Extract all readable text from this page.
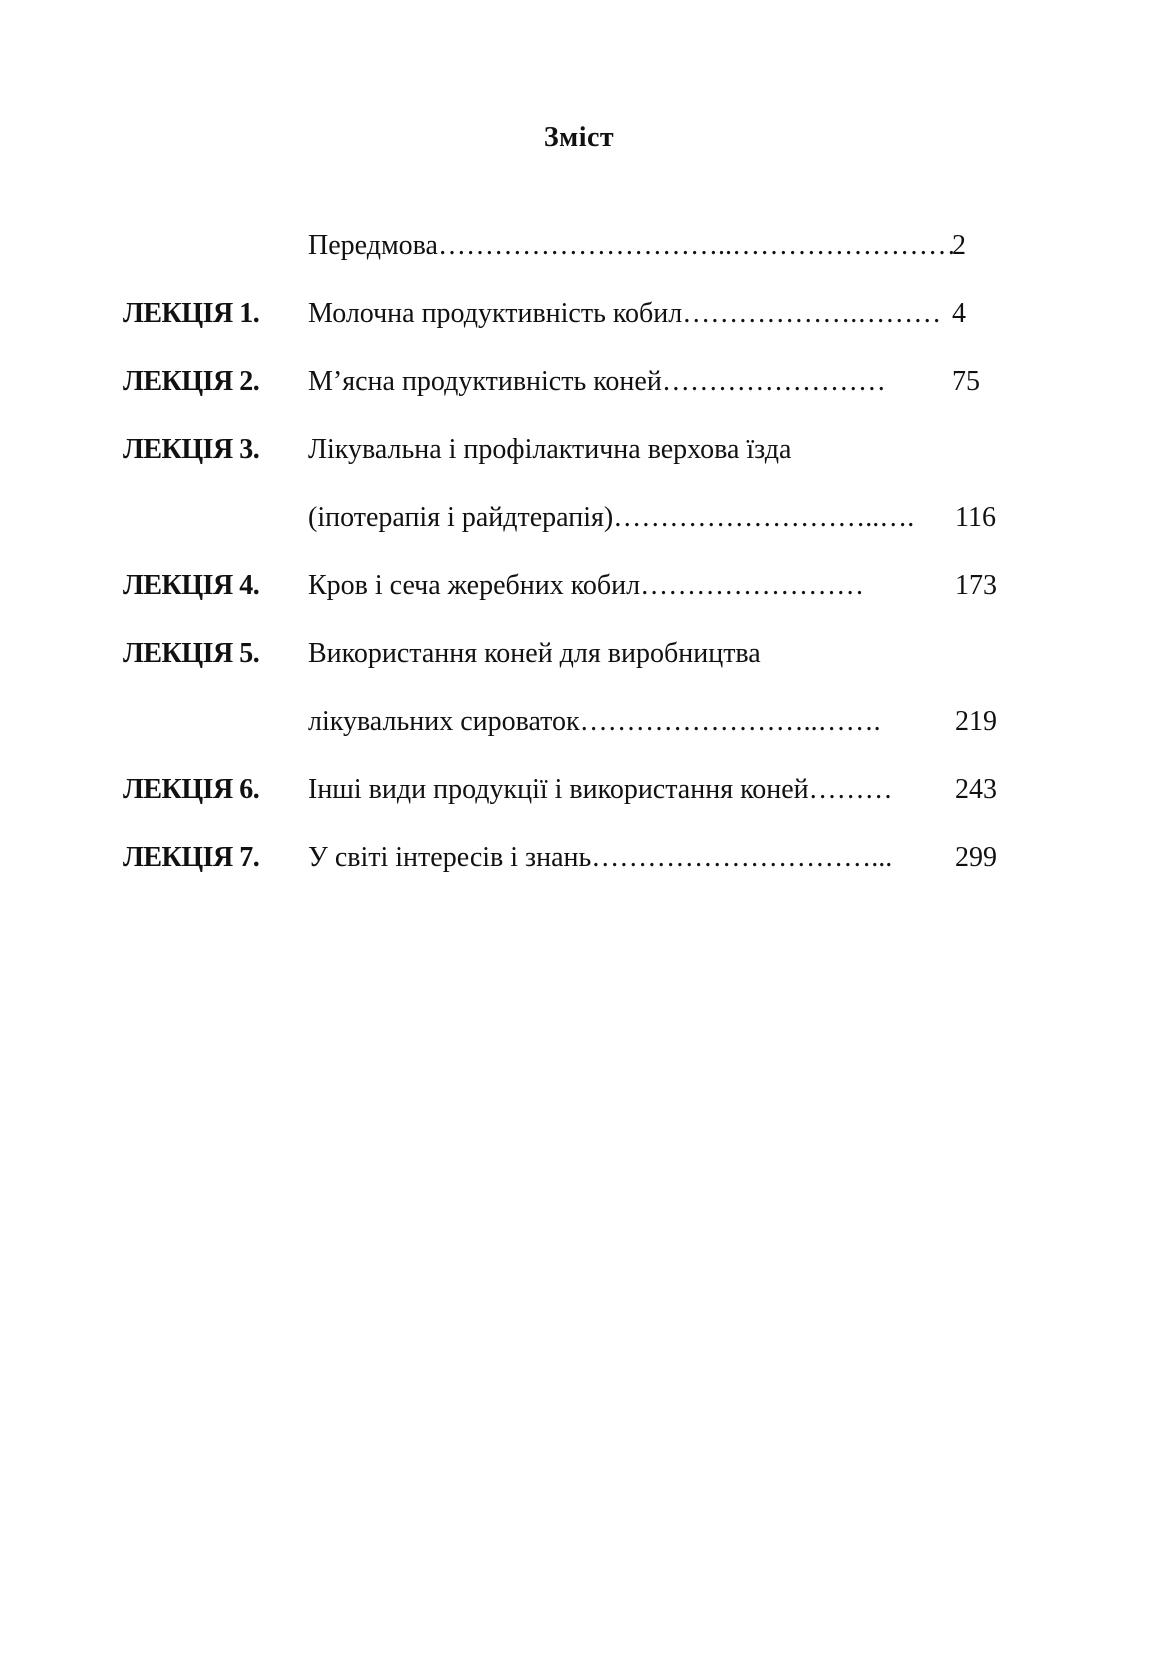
Зміст
Передмова…………………………..……………………
2
ЛЕКЦІЯ 1. Молочна продуктивність кобил……………….……… 4
ЛЕКЦІЯ 2. М’ясна продуктивність коней…………………… 75
ЛЕКЦІЯ 3. Лікувальна і профілактична верхова їзда
(іпотерапія і райдтерапія)………………………..…. 116
ЛЕКЦІЯ 4. Кров і сеча жеребних кобил……………………	173
ЛЕКЦІЯ 5. Використання коней для виробництва
лікувальних сироваток……………………..…….	219
ЛЕКЦІЯ 6. Інші види продукції і використання коней……… 243
ЛЕКЦІЯ 7. У світі інтересів і знань…………………………... 299
